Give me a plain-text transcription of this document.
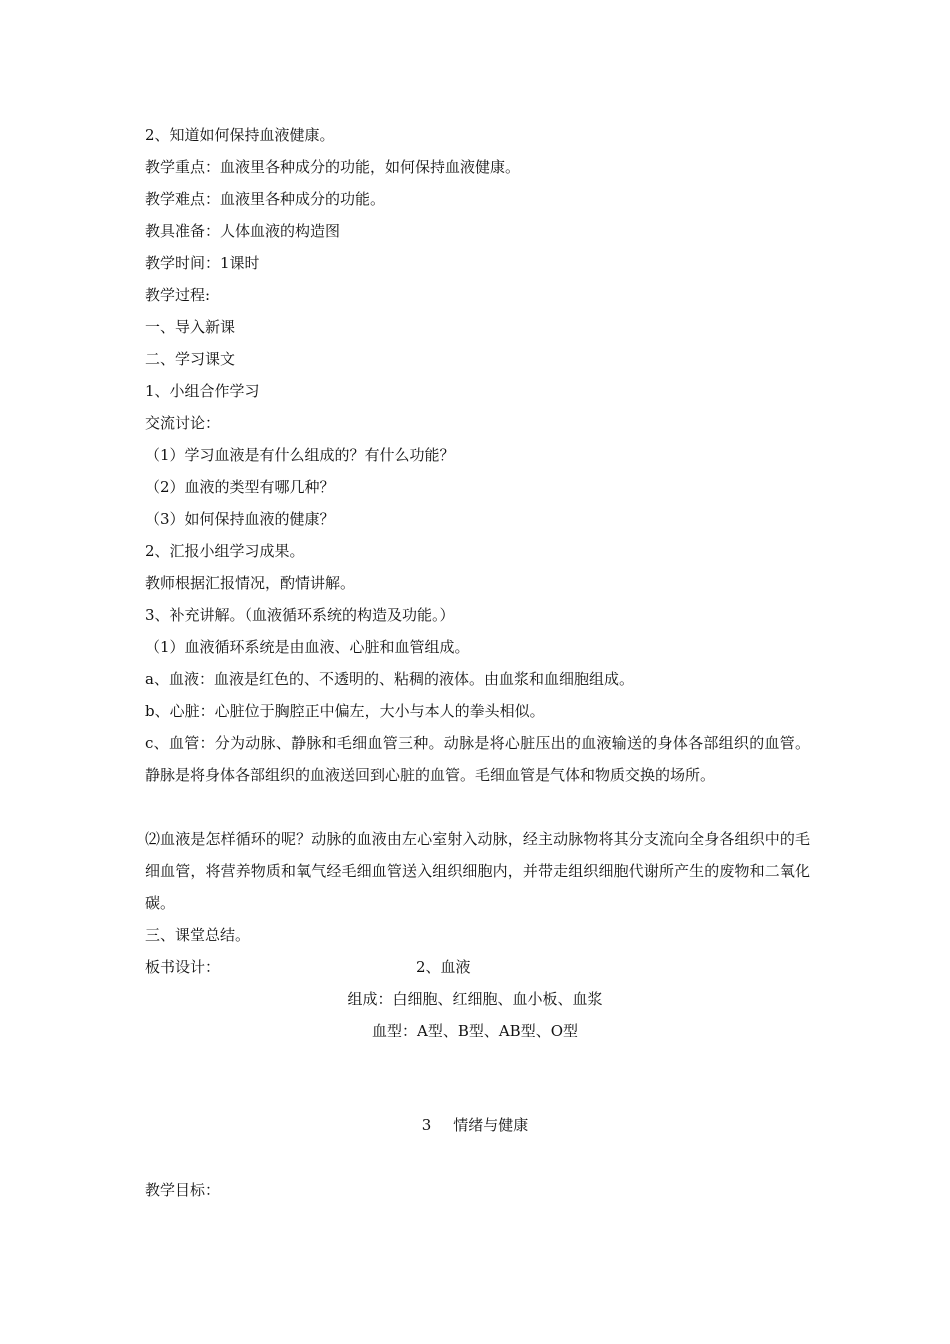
2、知道如何保持血液健康。
教学重点：血液里各种成分的功能，如何保持血液健康。
教学难点：血液里各种成分的功能。
教具准备：人体血液的构造图
教学时间：1课时
教学过程:
一、导入新课
二、学习课文
1、小组合作学习
交流讨论：
（1）学习血液是有什么组成的？有什么功能？
（2）血液的类型有哪几种？
（3）如何保持血液的健康？
2、汇报小组学习成果。
教师根据汇报情况，酌情讲解。
3、补充讲解。（血液循环系统的构造及功能。）
（1）血液循环系统是由血液、心脏和血管组成。
a、血液：血液是红色的、不透明的、粘稠的液体。由血浆和血细胞组成。
b、心脏：心脏位于胸腔正中偏左，大小与本人的拳头相似。
c、血管：分为动脉、静脉和毛细血管三种。动脉是将心脏压出的血液输送的身体各部组织的血管。静脉是将身体各部组织的血液送回到心脏的血管。毛细血管是气体和物质交换的场所。
⑵血液是怎样循环的呢？动脉的血液由左心室射入动脉，经主动脉物将其分支流向全身各组织中的毛细血管，将营养物质和氧气经毛细血管送入组织细胞内，并带走组织细胞代谢所产生的废物和二氧化碳。
三、课堂总结。
板书设计：	2、血液
组成：白细胞、红细胞、血小板、血浆
血型：A型、B型、AB型、O型
3 情绪与健康
教学目标：
